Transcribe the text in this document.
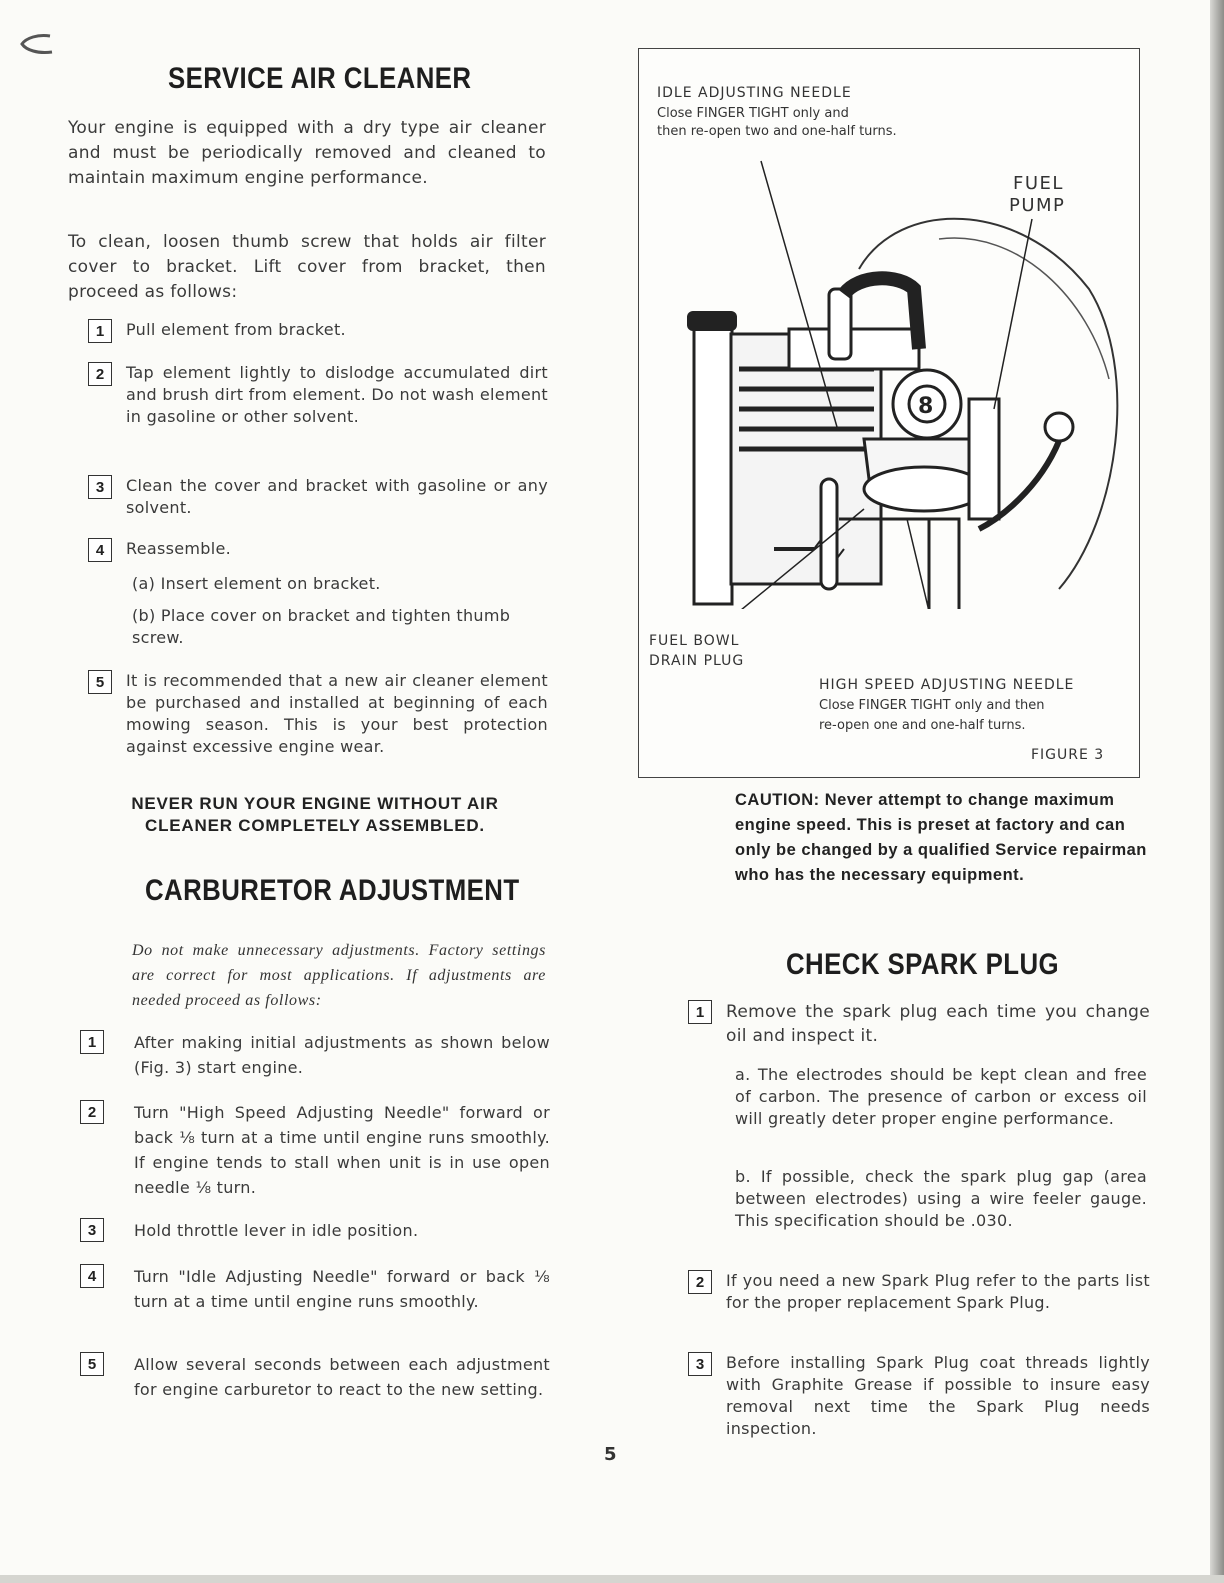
SERVICE AIR CLEANER

Your engine is equipped with a dry type air cleaner and must be periodically removed and cleaned to maintain maximum engine performance.

To clean, loosen thumb screw that holds air filter cover to bracket. Lift cover from bracket, then proceed as follows:

1	Pull element from bracket.

2	Tap element lightly to dislodge accumulated dirt and brush dirt from element. Do not wash element in gasoline or other solvent.

3	Clean the cover and bracket with gasoline or any solvent.

4	Reassemble.

(a) Insert element on bracket.

(b) Place cover on bracket and tighten thumb screw.

5	It is recommended that a new air cleaner element be purchased and installed at beginning of each mowing season. This is your best protection against excessive engine wear.

NEVER RUN YOUR ENGINE WITHOUT AIR CLEANER COMPLETELY ASSEMBLED.

CARBURETOR ADJUSTMENT

Do not make unnecessary adjustments. Factory settings are correct for most applications. If adjustments are needed proceed as follows:

1	After making initial adjustments as shown below (Fig. 3) start engine.

2	Turn "High Speed Adjusting Needle" forward or back ⅛ turn at a time until engine runs smoothly. If engine tends to stall when unit is in use open needle ⅛ turn.

3	Hold throttle lever in idle position.

4	Turn "Idle Adjusting Needle" forward or back ⅛ turn at a time until engine runs smoothly.

5	Allow several seconds between each adjustment for engine carburetor to react to the new setting.

IDLE ADJUSTING NEEDLE

Close FINGER TIGHT only and

then re-open two and one-half turns.

FUEL

PUMP

8

FUEL BOWL

DRAIN PLUG

HIGH SPEED ADJUSTING NEEDLE

Close FINGER TIGHT only and then

re-open one and one-half turns.

FIGURE 3

CAUTION: Never attempt to change maximum engine speed. This is preset at factory and can only be changed by a qualified Service repairman who has the necessary equipment.

CHECK SPARK PLUG
1	Remove the spark plug each time you change oil and inspect it.

a. The electrodes should be kept clean and free of carbon. The presence of carbon or excess oil will greatly deter proper engine performance.

b. If possible, check the spark plug gap (area between electrodes) using a wire feeler gauge. This specification should be .030.

2	If you need a new Spark Plug refer to the parts list for the proper replacement Spark Plug.

3	Before installing Spark Plug coat threads lightly with Graphite Grease if possible to insure easy removal next time the Spark Plug needs inspection.

5
